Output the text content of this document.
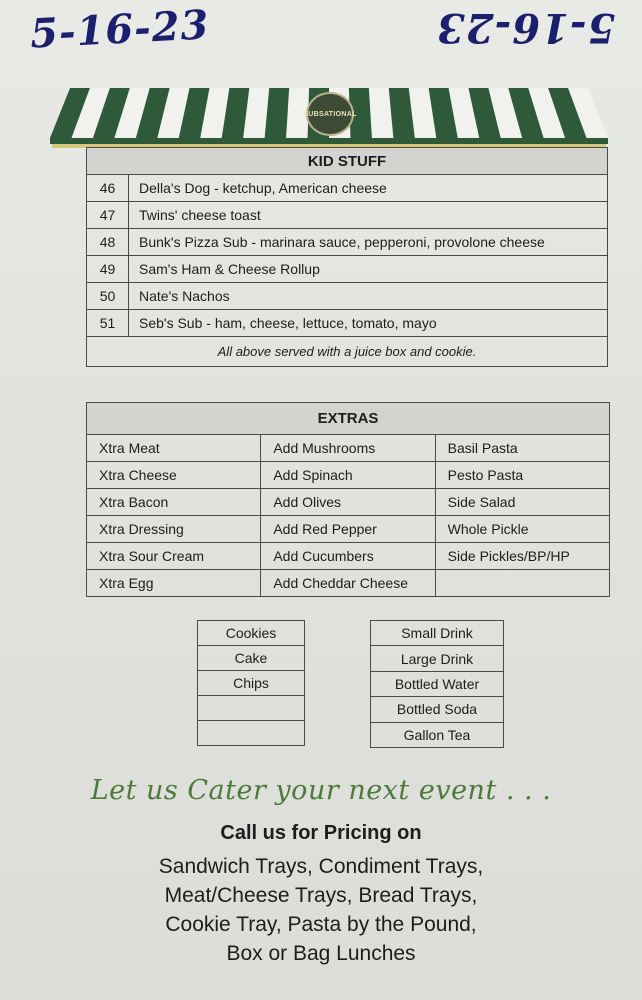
5-16-23	5-16-23
SUBSATIONAL
KID STUFF	
46	Della's Dog - ketchup, American cheese
47	Twins' cheese toast
48	Bunk's Pizza Sub - marinara sauce, pepperoni, provolone cheese
49	Sam's Ham & Cheese Rollup
50	Nate's Nachos
51	Seb's Sub - ham, cheese, lettuce, tomato, mayo
All above served with a juice box and cookie.	
EXTRAS		
Xtra Meat	Add Mushrooms	Basil Pasta
Xtra Cheese	Add Spinach	Pesto Pasta
Xtra Bacon	Add Olives	Side Salad
Xtra Dressing	Add Red Pepper	Whole Pickle
Xtra Sour Cream	Add Cucumbers	Side Pickles/BP/HP
Xtra Egg	Add Cheddar Cheese	
Cookies
Cake
Chips

Small Drink
Large Drink
Bottled Water
Bottled Soda
Gallon Tea
Let us Cater your next event . . .
Call us for Pricing on
Sandwich Trays, Condiment Trays,
Meat/Cheese Trays, Bread Trays,
Cookie Tray, Pasta by the Pound,
Box or Bag Lunches
